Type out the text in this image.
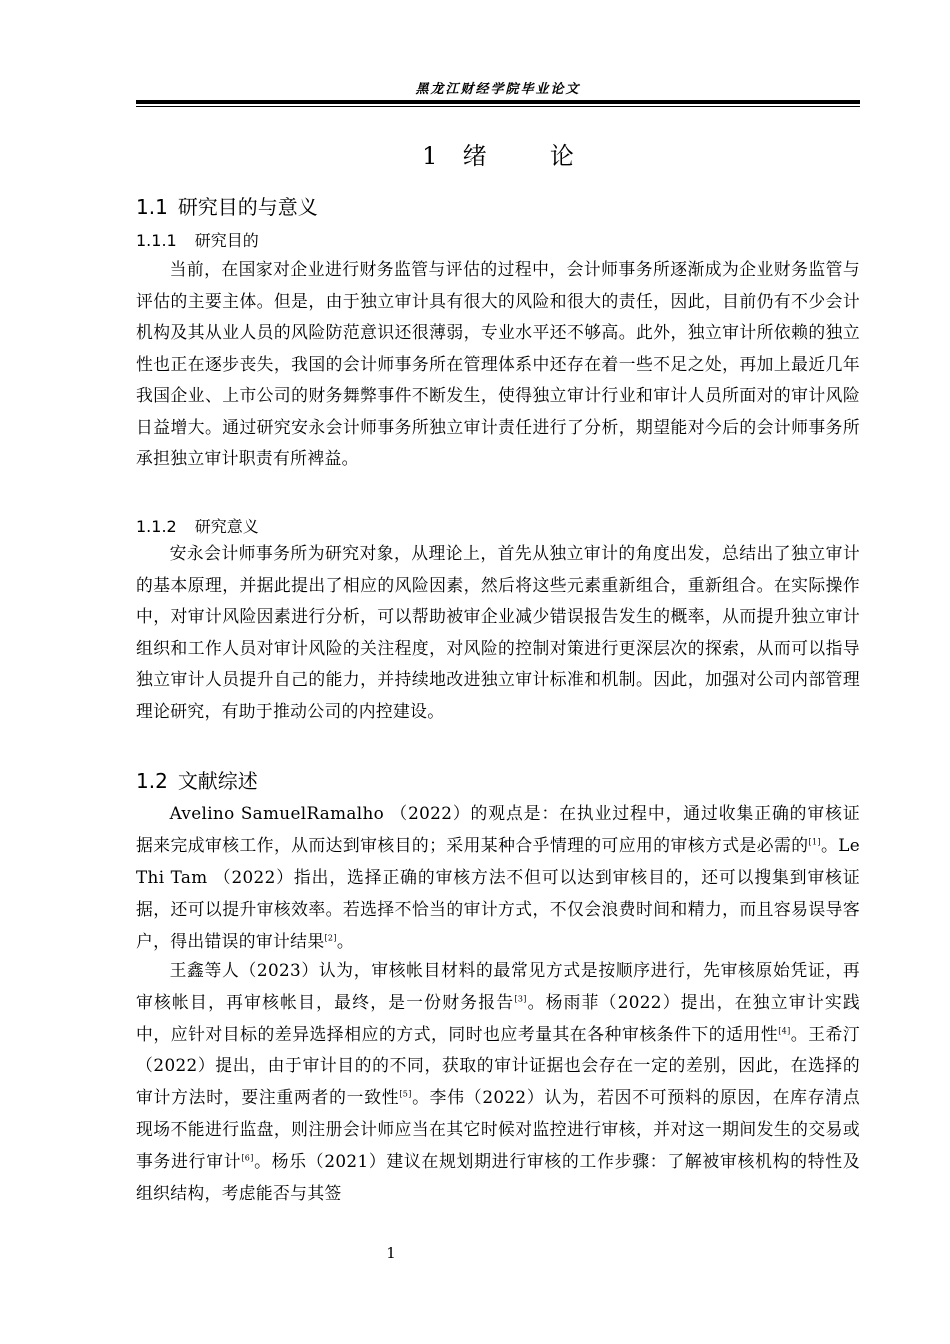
黑龙江财经学院毕业论文
1 绪	论
1.1 研究目的与意义
1.1.1 研究目的

当前，在国家对企业进行财务监管与评估的过程中，会计师事务所逐渐成为企业财务监管与评估的主要主体。但是，由于独立审计具有很大的风险和很大的责任，因此，目前仍有不少会计机构及其从业人员的风险防范意识还很薄弱，专业水平还不够高。此外，独立审计所依赖的独立性也正在逐步丧失，我国的会计师事务所在管理体系中还存在着一些不足之处，再加上最近几年我国企业、上市公司的财务舞弊事件不断发生，使得独立审计行业和审计人员所面对的审计风险日益增大。通过研究安永会计师事务所独立审计责任进行了分析，期望能对今后的会计师事务所承担独立审计职责有所裨益。

1.1.2 研究意义

安永会计师事务所为研究对象，从理论上，首先从独立审计的角度出发，总结出了独立审计的基本原理，并据此提出了相应的风险因素，然后将这些元素重新组合，重新组合。在实际操作中，对审计风险因素进行分析，可以帮助被审企业减少错误报告发生的概率，从而提升独立审计组织和工作人员对审计风险的关注程度，对风险的控制对策进行更深层次的探索，从而可以指导独立审计人员提升自己的能力，并持续地改进独立审计标准和机制。因此，加强对公司内部管理理论研究，有助于推动公司的内控建设。

1.2 文献综述

Avelino SamuelRamalho （2022）的观点是：在执业过程中，通过收集正确的审核证据来完成审核工作，从而达到审核目的；采用某种合乎情理的可应用的审核方式是必需的[1]。Le Thi Tam （2022）指出，选择正确的审核方法不但可以达到审核目的，还可以搜集到审核证据，还可以提升审核效率。若选择不恰当的审计方式，不仅会浪费时间和精力，而且容易误导客户，得出错误的审计结果[2]。

王鑫等人（2023）认为，审核帐目材料的最常见方式是按顺序进行，先审核原始凭证，再审核帐目，再审核帐目，最终，是一份财务报告[3]。杨雨菲（2022）提出，在独立审计实践中，应针对目标的差异选择相应的方式，同时也应考量其在各种审核条件下的适用性[4]。王希汀（2022）提出，由于审计目的的不同，获取的审计证据也会存在一定的差别，因此，在选择的审计方法时，要注重两者的一致性[5]。李伟（2022）认为，若因不可预料的原因，在库存清点现场不能进行监盘，则注册会计师应当在其它时候对监控进行审核，并对这一期间发生的交易或事务进行审计[6]。杨乐（2021）建议在规划期进行审核的工作步骤：了解被审核机构的特性及组织结构，考虑能否与其签

1
